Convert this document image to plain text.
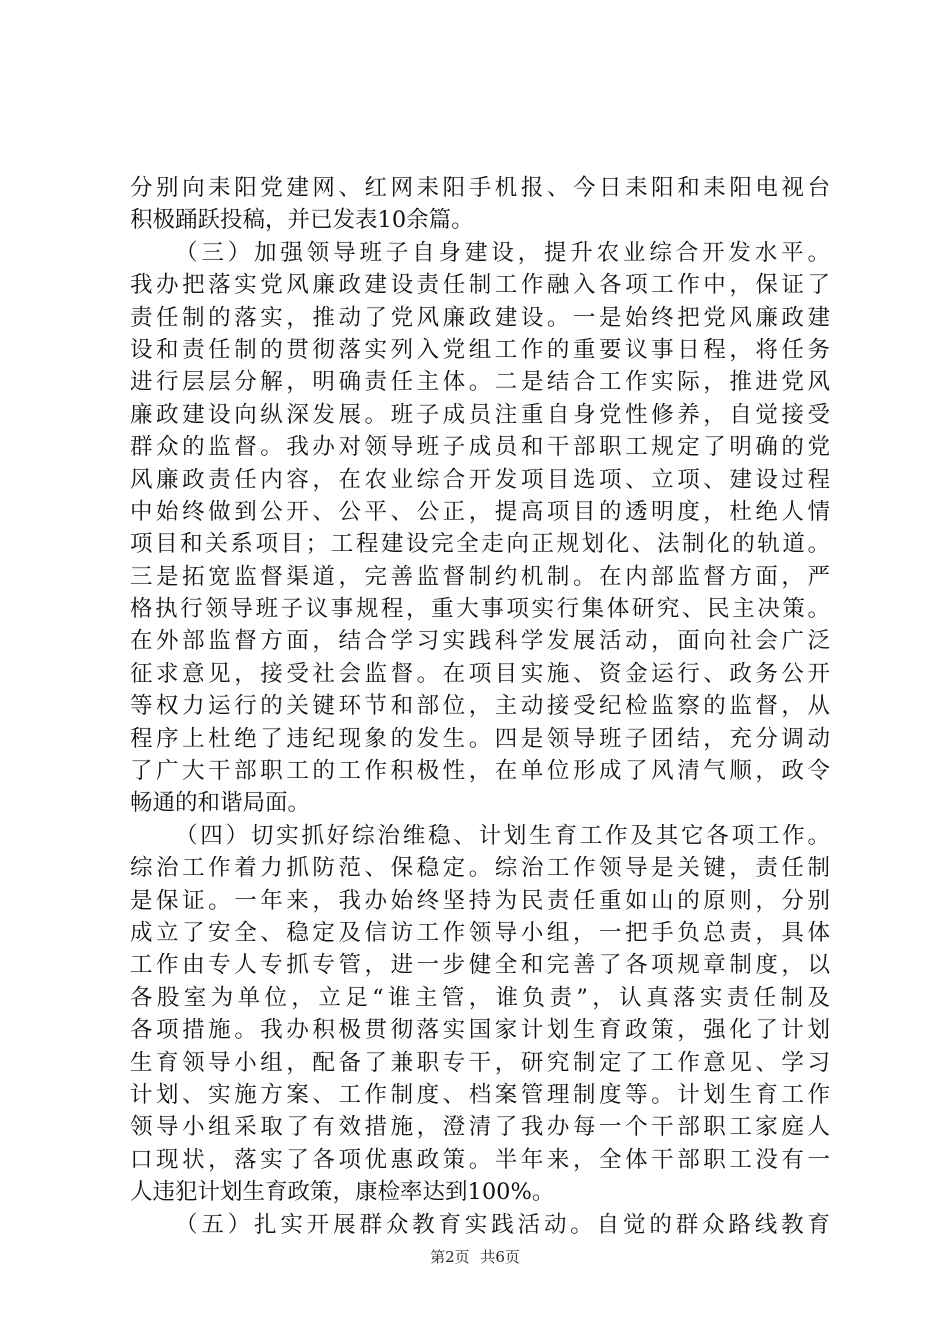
分别向耒阳党建网、红网耒阳手机报、今日耒阳和耒阳电视台
积极踊跃投稿，并已发表10余篇。
（三）加强领导班子自身建设，提升农业综合开发水平。
我办把落实党风廉政建设责任制工作融入各项工作中，保证了
责任制的落实，推动了党风廉政建设。一是始终把党风廉政建
设和责任制的贯彻落实列入党组工作的重要议事日程，将任务
进行层层分解，明确责任主体。二是结合工作实际，推进党风
廉政建设向纵深发展。班子成员注重自身党性修养，自觉接受
群众的监督。我办对领导班子成员和干部职工规定了明确的党
风廉政责任内容，在农业综合开发项目选项、立项、建设过程
中始终做到公开、公平、公正，提高项目的透明度，杜绝人情
项目和关系项目；工程建设完全走向正规划化、法制化的轨道。
三是拓宽监督渠道，完善监督制约机制。在内部监督方面，严
格执行领导班子议事规程，重大事项实行集体研究、民主决策。
在外部监督方面，结合学习实践科学发展活动，面向社会广泛
征求意见，接受社会监督。在项目实施、资金运行、政务公开
等权力运行的关键环节和部位，主动接受纪检监察的监督，从
程序上杜绝了违纪现象的发生。四是领导班子团结，充分调动
了广大干部职工的工作积极性，在单位形成了风清气顺，政令
畅通的和谐局面。
（四）切实抓好综治维稳、计划生育工作及其它各项工作。
综治工作着力抓防范、保稳定。综治工作领导是关键，责任制
是保证。一年来，我办始终坚持为民责任重如山的原则，分别
成立了安全、稳定及信访工作领导小组，一把手负总责，具体
工作由专人专抓专管，进一步健全和完善了各项规章制度，以
各股室为单位，立足“谁主管，谁负责”，认真落实责任制及
各项措施。我办积极贯彻落实国家计划生育政策，强化了计划
生育领导小组，配备了兼职专干，研究制定了工作意见、学习
计划、实施方案、工作制度、档案管理制度等。计划生育工作
领导小组采取了有效措施，澄清了我办每一个干部职工家庭人
口现状，落实了各项优惠政策。半年来，全体干部职工没有一
人违犯计划生育政策，康检率达到100%。
（五）扎实开展群众教育实践活动。自觉的群众路线教育
第2页 共6页
